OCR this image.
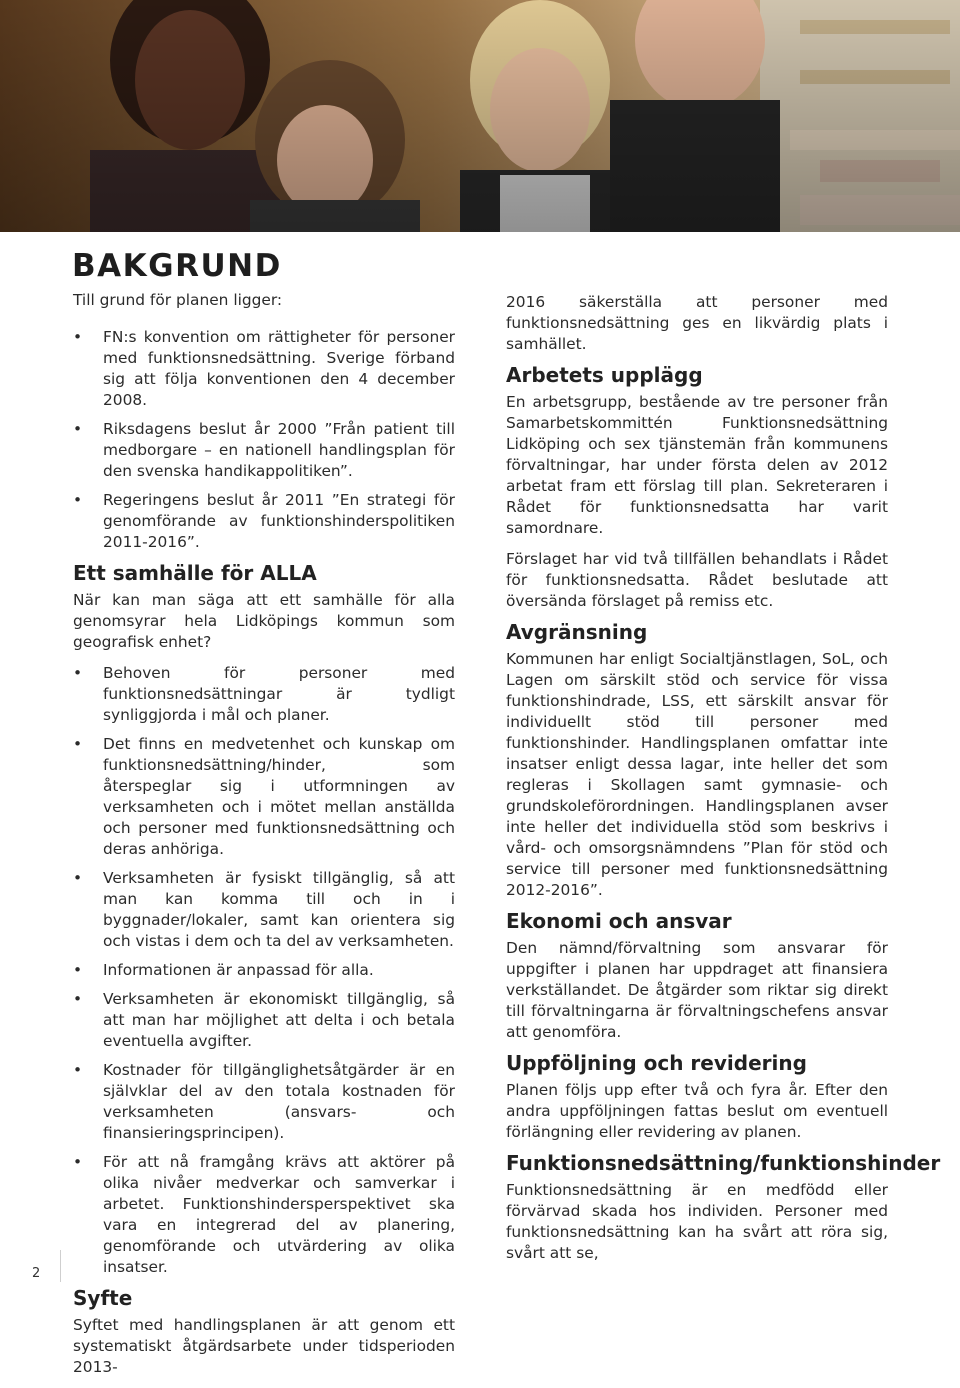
BAKGRUND

Till grund för planen ligger:

• FN:s konvention om rättigheter för personer med funktionsnedsättning. Sverige förband sig att följa konventionen den 4 december 2008.
• Riksdagens beslut år 2000 ”Från patient till medborgare – en nationell handlingsplan för den svenska handikappolitiken”.
• Regeringens beslut år 2011 ”En strategi för genomförande av funktionshinderspolitiken 2011-2016”.
Ett samhälle för ALLA

När kan man säga att ett samhälle för alla genomsyrar hela Lidköpings kommun som geografisk enhet?

• Behoven för personer med funktionsnedsättningar är tydligt synliggjorda i mål och planer.
• Det finns en medvetenhet och kunskap om funktionsnedsättning/hinder, som återspeglar sig i utformningen av verksamheten och i mötet mellan anställda och personer med funktionsnedsättning och deras anhöriga.
• Verksamheten är fysiskt tillgänglig, så att man kan komma till och in i byggnader/lokaler, samt kan orientera sig och vistas i dem och ta del av verksamheten.
• Informationen är anpassad för alla.
• Verksamheten är ekonomiskt tillgänglig, så att man har möjlighet att delta i och betala eventuella avgifter.
• Kostnader för tillgänglighetsåtgärder är en självklar del av den totala kostnaden för verksamheten (ansvars- och finansieringsprincipen).
• För att nå framgång krävs att aktörer på olika nivåer medverkar och samverkar i arbetet. Funktionshindersperspektivet ska vara en integrerad del av planering, genomförande och utvärdering av olika insatser.
Syfte

Syftet med handlingsplanen är att genom ett systematiskt åtgärdsarbete under tidsperioden 2013-

2016 säkerställa att personer med funktionsnedsättning ges en likvärdig plats i samhället.

Arbetets upplägg

En arbetsgrupp, bestående av tre personer från Samarbetskommittén Funktionsnedsättning Lidköping och sex tjänstemän från kommunens förvaltningar, har under första delen av 2012 arbetat fram ett förslag till plan. Sekreteraren i Rådet för funktionsnedsatta har varit samordnare.

Förslaget har vid två tillfällen behandlats i Rådet för funktionsnedsatta. Rådet beslutade att översända förslaget på remiss etc.

Avgränsning

Kommunen har enligt Socialtjänstlagen, SoL, och Lagen om särskilt stöd och service för vissa funktionshindrade, LSS, ett särskilt ansvar för individuellt stöd till personer med funktionshinder. Handlingsplanen omfattar inte insatser enligt dessa lagar, inte heller det som regleras i Skollagen samt gymnasie- och grundskoleförordningen. Handlingsplanen avser inte heller det individuella stöd som beskrivs i vård- och omsorgsnämndens ”Plan för stöd och service till personer med funktionsnedsättning 2012-2016”.

Ekonomi och ansvar

Den nämnd/förvaltning som ansvarar för uppgifter i planen har uppdraget att finansiera verkställandet. De åtgärder som riktar sig direkt till förvaltningarna är förvaltningschefens ansvar att genomföra.

Uppföljning och revidering

Planen följs upp efter två och fyra år. Efter den andra uppföljningen fattas beslut om eventuell förlängning eller revidering av planen.

Funktionsnedsättning/funktionshinder

Funktionsnedsättning är en medfödd eller förvärvad skada hos individen. Personer med funktionsnedsättning kan ha svårt att röra sig, svårt att se,

2
